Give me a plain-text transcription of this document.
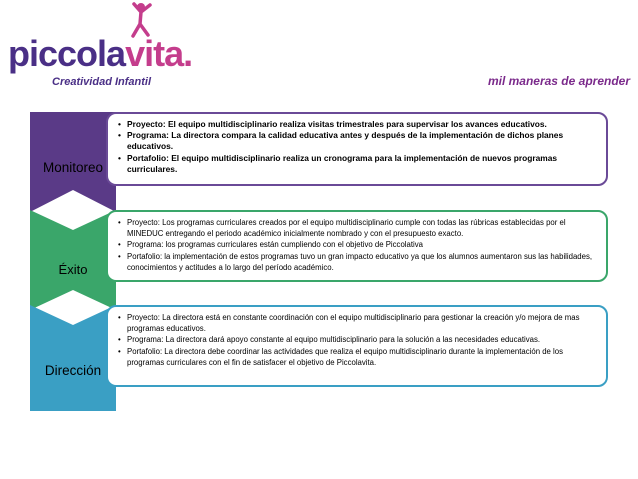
piccolavita.
Creatividad Infantil	mil maneras de aprender
Monitoreo
• Proyecto: El equipo multidisciplinario realiza visitas trimestrales para supervisar los avances educativos.
• Programa: La directora compara la calidad educativa antes y después de la implementación de dichos planes educativos.
• Portafolio: El equipo multidisciplinario realiza un cronograma para la implementación de nuevos programas curriculares.
Éxito
• Proyecto: Los programas curriculares creados por el equipo multidisciplinario cumple con todas las rúbricas establecidas por el MINEDUC entregando el periodo académico inicialmente nombrado y con el presupuesto exacto.
• Programa: los programas curriculares están cumpliendo con el objetivo de Piccolativa
• Portafolio: la implementación de estos programas tuvo un gran impacto educativo ya que los alumnos aumentaron sus las habilidades, conocimientos y actitudes a lo largo del período académico.
Dirección
• Proyecto: La directora está en constante coordinación con el equipo multidisciplinario para gestionar la creación y/o mejora de mas programas educativos.
• Programa: La directora dará apoyo constante al equipo multidisciplinario para la solución a las necesidades educativas.
• Portafolio: La directora debe coordinar las actividades que realiza el equipo multidisciplinario durante la implementación de los programas curriculares con el fin de satisfacer el objetivo de Piccolavita.
